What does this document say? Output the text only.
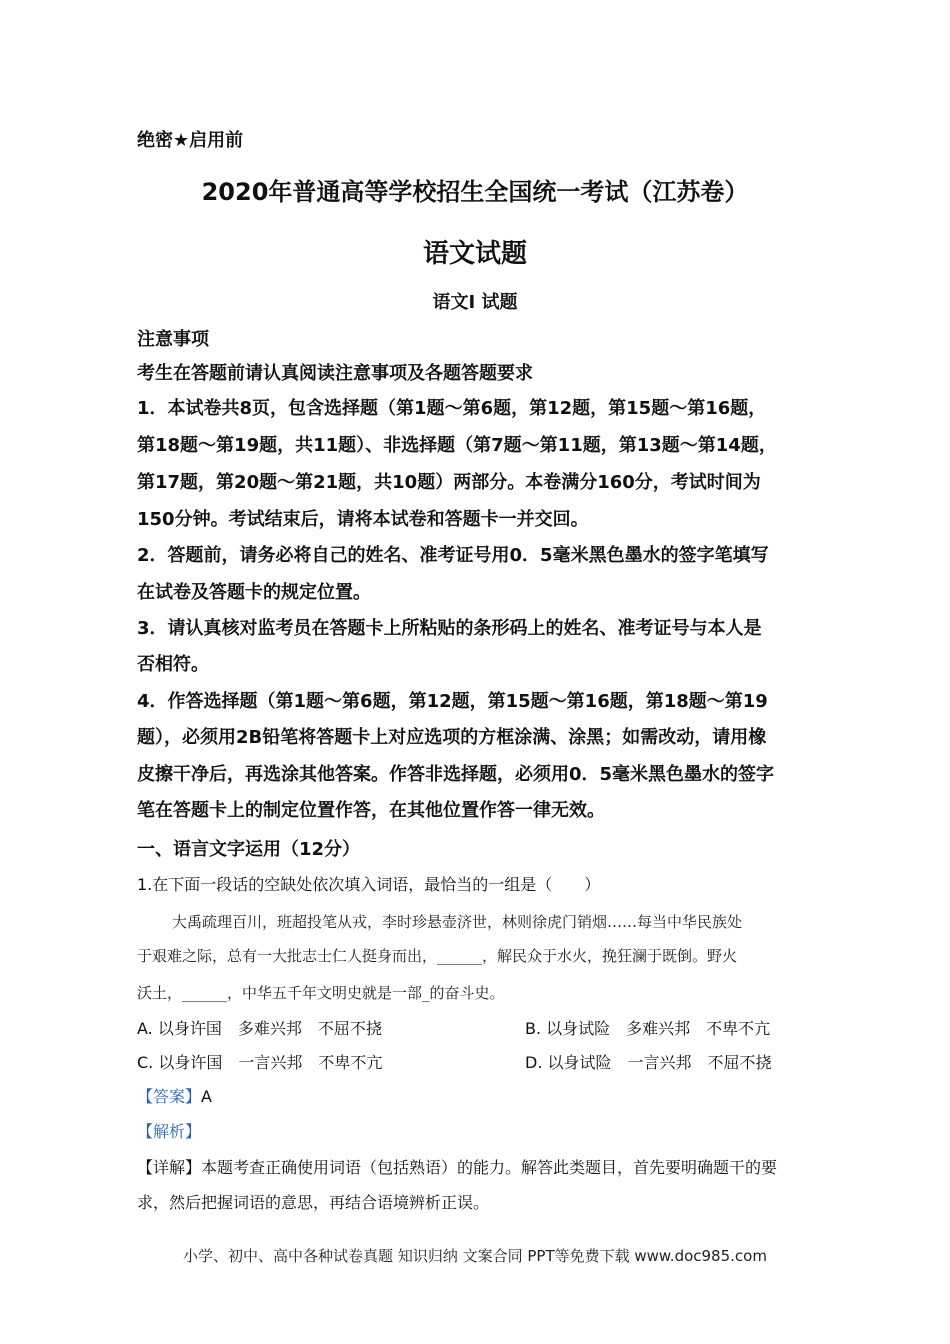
绝密★启用前
2020年普通高等学校招生全国统一考试（江苏卷）
语文试题
语文Ⅰ 试题
注意事项
考生在答题前请认真阅读注意事项及各题答题要求
1．本试卷共8页，包含选择题（第1题～第6题，第12题，第15题～第16题，
第18题～第19题，共11题）、非选择题（第7题～第11题，第13题～第14题，
第17题，第20题～第21题，共10题）两部分。本卷满分160分，考试时间为
150分钟。考试结束后，请将本试卷和答题卡一并交回。
2．答题前，请务必将自己的姓名、准考证号用0．5毫米黑色墨水的签字笔填写
在试卷及答题卡的规定位置。
3．请认真核对监考员在答题卡上所粘贴的条形码上的姓名、准考证号与本人是
否相符。
4．作答选择题（第1题～第6题，第12题，第15题～第16题，第18题～第19
题），必须用2B铅笔将答题卡上对应选项的方框涂满、涂黑；如需改动，请用橡
皮擦干净后，再选涂其他答案。作答非选择题，必须用0．5毫米黑色墨水的签字
笔在答题卡上的制定位置作答，在其他位置作答一律无效。
一、语言文字运用（12分）
1.在下面一段话的空缺处依次填入词语，最恰当的一组是（　　）
大禹疏理百川，班超投笔从戎，李时珍悬壶济世，林则徐虎门销烟……每当中华民族处
于艰难之际，总有一大批志士仁人挺身而出，______，解民众于水火，挽狂澜于既倒。野火
沃土，______，中华五千年文明史就是一部_的奋斗史。
A. 以身许国　多难兴邦　不屈不挠	B. 以身试险　多难兴邦　不卑不亢
C. 以身许国　一言兴邦　不卑不亢	D. 以身试险　一言兴邦　不屈不挠
【答案】A
【解析】
【详解】本题考查正确使用词语（包括熟语）的能力。解答此类题目，首先要明确题干的要
求，然后把握词语的意思，再结合语境辨析正误。
小学、初中、高中各种试卷真题 知识归纳 文案合同 PPT等免费下载 www.doc985.com
